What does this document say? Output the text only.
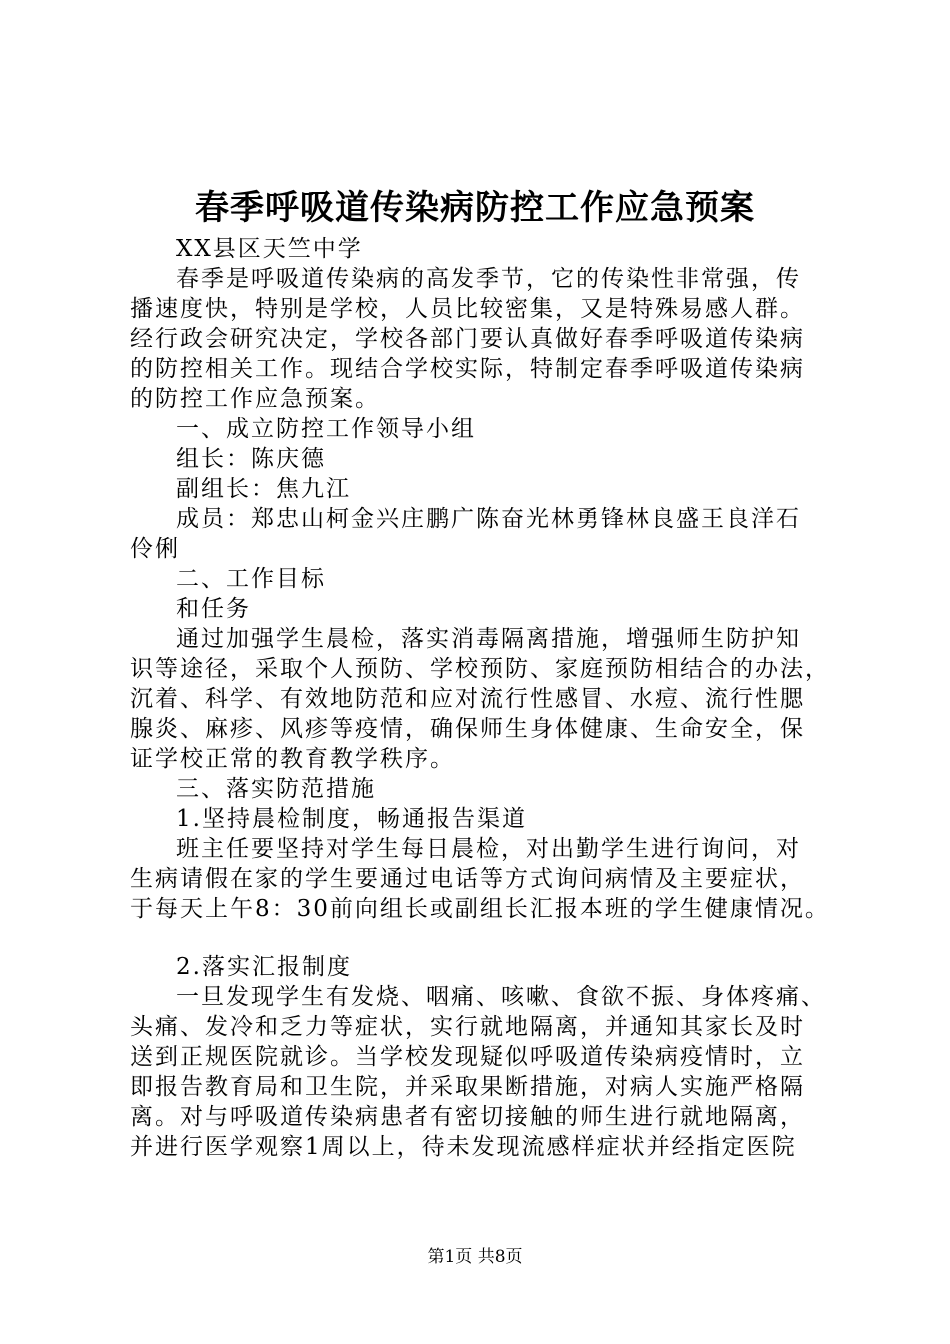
春季呼吸道传染病防控工作应急预案
XX县区天竺中学
春季是呼吸道传染病的高发季节，它的传染性非常强，传
播速度快，特别是学校，人员比较密集，又是特殊易感人群。
经行政会研究决定，学校各部门要认真做好春季呼吸道传染病
的防控相关工作。现结合学校实际，特制定春季呼吸道传染病
的防控工作应急预案。
一、成立防控工作领导小组
组长：陈庆德
副组长：焦九江
成员：郑忠山柯金兴庄鹏广陈奋光林勇锋林良盛王良洋石
伶俐
二、工作目标
和任务
通过加强学生晨检，落实消毒隔离措施，增强师生防护知
识等途径，采取个人预防、学校预防、家庭预防相结合的办法，
沉着、科学、有效地防范和应对流行性感冒、水痘、流行性腮
腺炎、麻疹、风疹等疫情，确保师生身体健康、生命安全，保
证学校正常的教育教学秩序。
三、落实防范措施
1.坚持晨检制度，畅通报告渠道
班主任要坚持对学生每日晨检，对出勤学生进行询问，对
生病请假在家的学生要通过电话等方式询问病情及主要症状，
于每天上午8：30前向组长或副组长汇报本班的学生健康情况。
2.落实汇报制度
一旦发现学生有发烧、咽痛、咳嗽、食欲不振、身体疼痛、
头痛、发冷和乏力等症状，实行就地隔离，并通知其家长及时
送到正规医院就诊。当学校发现疑似呼吸道传染病疫情时，立
即报告教育局和卫生院，并采取果断措施，对病人实施严格隔
离。对与呼吸道传染病患者有密切接触的师生进行就地隔离，
并进行医学观察1周以上，待未发现流感样症状并经指定医院
第1页 共8页
